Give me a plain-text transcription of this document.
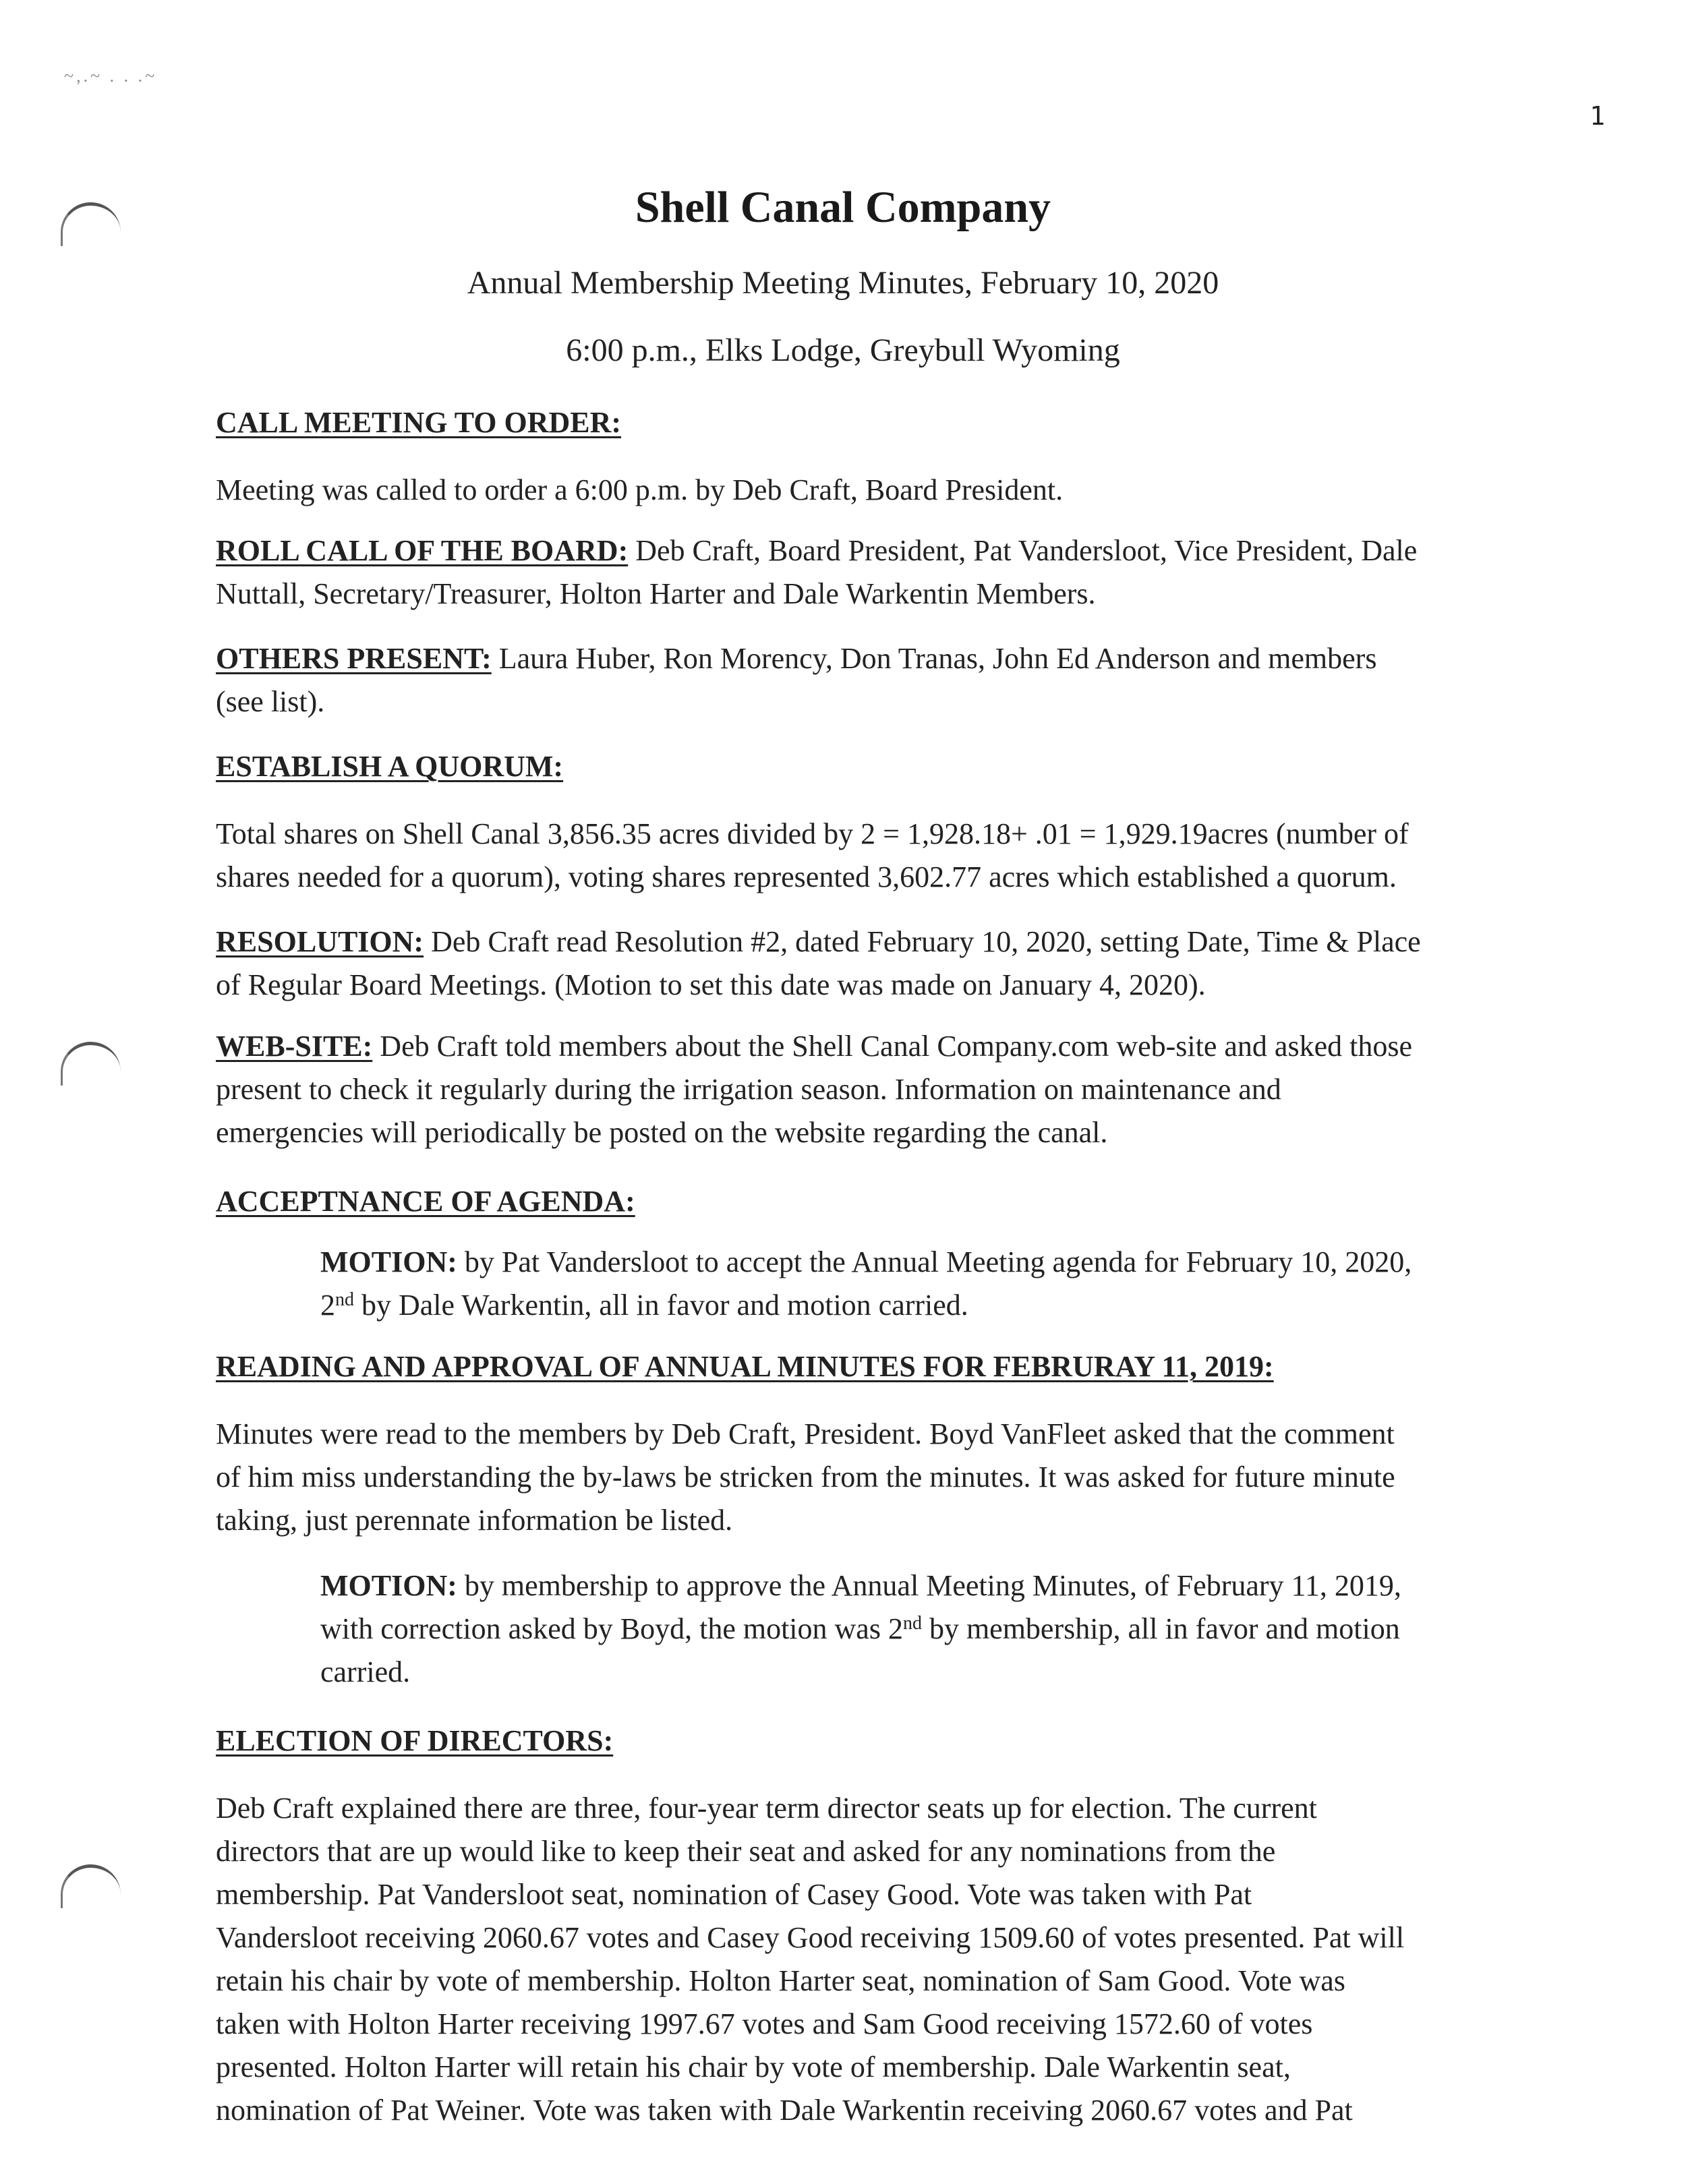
~,.~ . . .~
1
Shell Canal Company
Annual Membership Meeting Minutes, February 10, 2020
6:00 p.m., Elks Lodge, Greybull Wyoming
CALL MEETING TO ORDER:
Meeting was called to order a 6:00 p.m. by Deb Craft, Board President.
ROLL CALL OF THE BOARD: Deb Craft, Board President, Pat Vandersloot, Vice President, Dale
Nuttall, Secretary/Treasurer, Holton Harter and Dale Warkentin Members.
OTHERS PRESENT: Laura Huber, Ron Morency, Don Tranas, John Ed Anderson and members
(see list).
ESTABLISH A QUORUM:
Total shares on Shell Canal 3,856.35 acres divided by 2 = 1,928.18+ .01 = 1,929.19acres (number of
shares needed for a quorum), voting shares represented 3,602.77 acres which established a quorum.
RESOLUTION: Deb Craft read Resolution #2, dated February 10, 2020, setting Date, Time & Place
of Regular Board Meetings. (Motion to set this date was made on January 4, 2020).
WEB-SITE: Deb Craft told members about the Shell Canal Company.com web-site and asked those
present to check it regularly during the irrigation season. Information on maintenance and
emergencies will periodically be posted on the website regarding the canal.
ACCEPTNANCE OF AGENDA:
MOTION: by Pat Vandersloot to accept the Annual Meeting agenda for February 10, 2020,
2nd by Dale Warkentin, all in favor and motion carried.
READING AND APPROVAL OF ANNUAL MINUTES FOR FEBRURAY 11, 2019:
Minutes were read to the members by Deb Craft, President. Boyd VanFleet asked that the comment
of him miss understanding the by-laws be stricken from the minutes. It was asked for future minute
taking, just perennate information be listed.
MOTION: by membership to approve the Annual Meeting Minutes, of February 11, 2019,
with correction asked by Boyd, the motion was 2nd by membership, all in favor and motion
carried.
ELECTION OF DIRECTORS:
Deb Craft explained there are three, four-year term director seats up for election. The current
directors that are up would like to keep their seat and asked for any nominations from the
membership. Pat Vandersloot seat, nomination of Casey Good. Vote was taken with Pat
Vandersloot receiving 2060.67 votes and Casey Good receiving 1509.60 of votes presented. Pat will
retain his chair by vote of membership. Holton Harter seat, nomination of Sam Good. Vote was
taken with Holton Harter receiving 1997.67 votes and Sam Good receiving 1572.60 of votes
presented. Holton Harter will retain his chair by vote of membership. Dale Warkentin seat,
nomination of Pat Weiner. Vote was taken with Dale Warkentin receiving 2060.67 votes and Pat
